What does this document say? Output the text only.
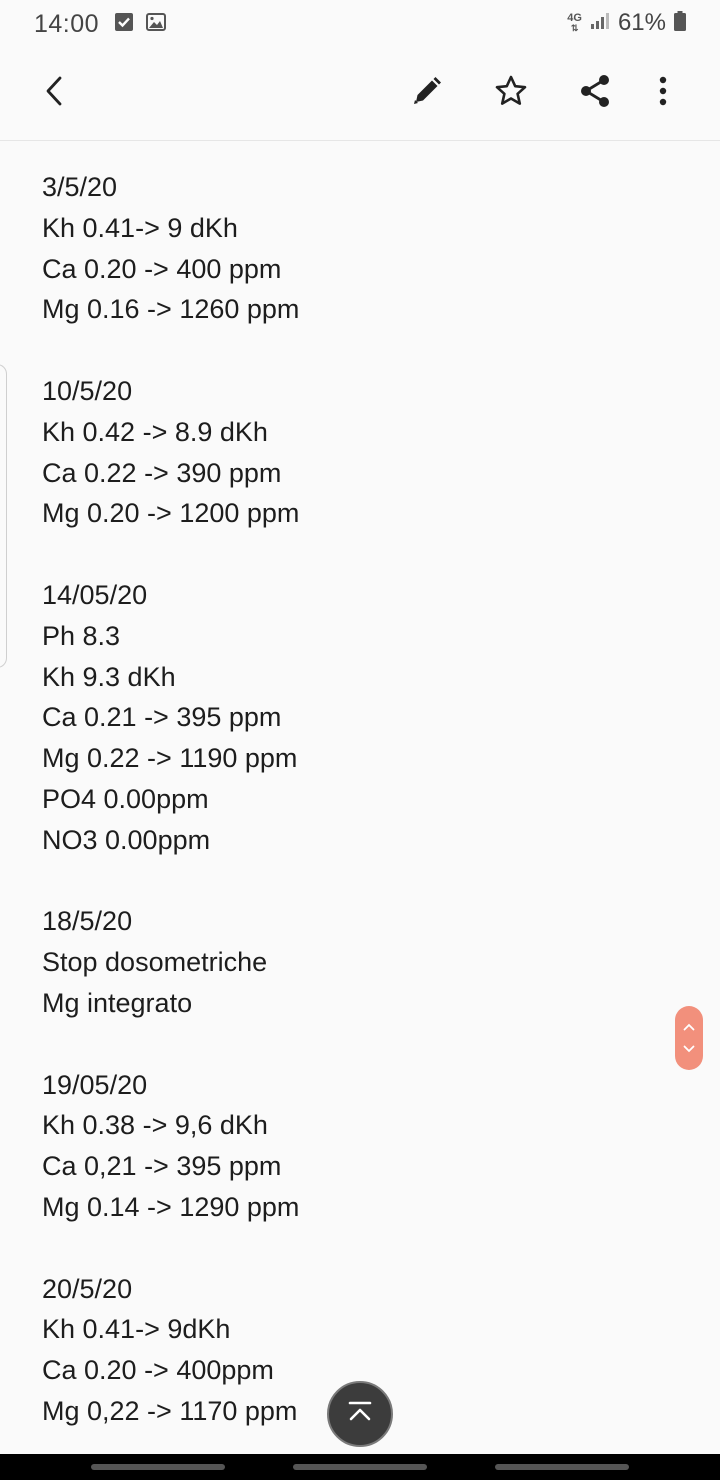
14:00	4G
⇅ 61%
3/5/20
Kh 0.41-> 9 dKh
Ca 0.20 -> 400 ppm
Mg 0.16 -> 1260 ppm
10/5/20
Kh 0.42 -> 8.9 dKh
Ca 0.22 -> 390 ppm
Mg 0.20 -> 1200 ppm
14/05/20
Ph 8.3
Kh 9.3 dKh
Ca 0.21 -> 395 ppm
Mg 0.22 -> 1190 ppm
PO4 0.00ppm
NO3 0.00ppm
18/5/20
Stop dosometriche
Mg integrato
19/05/20
Kh 0.38 -> 9,6 dKh
Ca 0,21 -> 395 ppm
Mg 0.14 -> 1290 ppm
20/5/20
Kh 0.41-> 9dKh
Ca 0.20 -> 400ppm
Mg 0,22 -> 1170 ppm
